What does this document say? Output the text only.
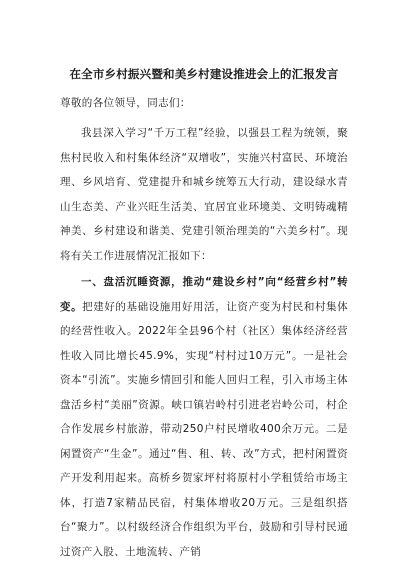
在全市乡村振兴暨和美乡村建设推进会上的汇报发言
尊敬的各位领导，同志们：

我县深入学习“千万工程”经验，以强县工程为统领，聚焦村民收入和村集体经济“双增收”，实施兴村富民、环境治理、乡风培育、党建提升和城乡统筹五大行动，建设绿水青山生态美、产业兴旺生活美、宜居宜业环境美、文明铸魂精神美、乡村建设和谐美、党建引领治理美的“六美乡村”。现将有关工作进展情况汇报如下：

一、盘活沉睡资源，推动“建设乡村”向“经营乡村”转变。把建好的基础设施用好用活，让资产变为村民和村集体的经营性收入。2022年全县96个村（社区）集体经济经营性收入同比增长45.9%，实现“村村过10万元”。一是社会资本“引流”。实施乡情回引和能人回归工程，引入市场主体盘活乡村“美丽”资源。峡口镇岩岭村引进老岩岭公司，村企合作发展乡村旅游，带动250户村民增收400余万元。二是闲置资产“生金”。通过“售、租、转、改”方式，把村闲置资产开发利用起来。高桥乡贺家坪村将原村小学租赁给市场主体，打造7家精品民宿，村集体增收20万元。三是组织搭台“聚力”。以村级经济合作组织为平台，鼓励和引导村民通过资产入股、土地流转、产销
